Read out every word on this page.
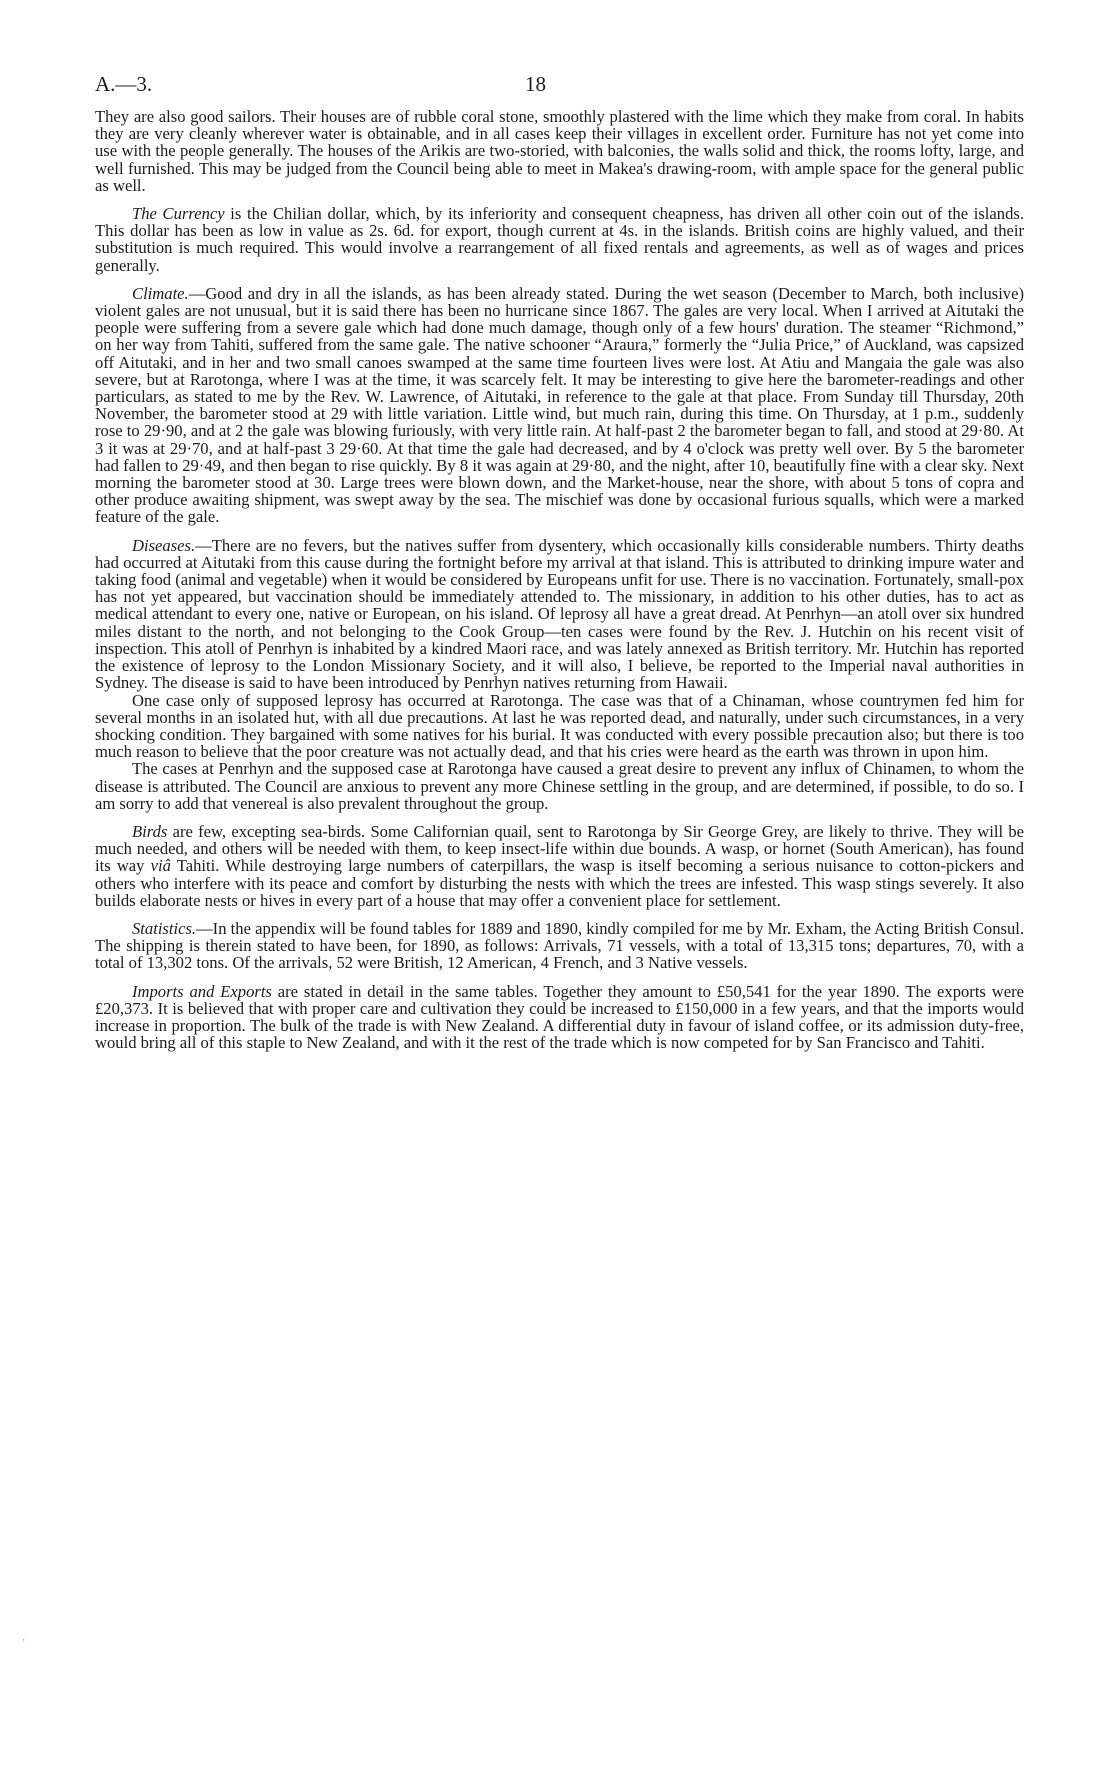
A.—3.	18

They are also good sailors. Their houses are of rubble coral stone, smoothly plastered with the lime which they make from coral. In habits they are very cleanly wherever water is obtainable, and in all cases keep their villages in excellent order. Furniture has not yet come into use with the people generally. The houses of the Arikis are two-storied, with balconies, the walls solid and thick, the rooms lofty, large, and well furnished. This may be judged from the Council being able to meet in Makea's drawing-room, with ample space for the general public as well.

The Currency is the Chilian dollar, which, by its inferiority and consequent cheapness, has driven all other coin out of the islands. This dollar has been as low in value as 2s. 6d. for export, though current at 4s. in the islands. British coins are highly valued, and their substitution is much required. This would involve a rearrangement of all fixed rentals and agreements, as well as of wages and prices generally.

Climate.—Good and dry in all the islands, as has been already stated. During the wet season (December to March, both inclusive) violent gales are not unusual, but it is said there has been no hurricane since 1867. The gales are very local. When I arrived at Aitutaki the people were suffering from a severe gale which had done much damage, though only of a few hours' duration. The steamer “Richmond,” on her way from Tahiti, suffered from the same gale. The native schooner “Araura,” formerly the “Julia Price,” of Auckland, was capsized off Aitutaki, and in her and two small canoes swamped at the same time fourteen lives were lost. At Atiu and Mangaia the gale was also severe, but at Rarotonga, where I was at the time, it was scarcely felt. It may be interesting to give here the barometer-readings and other particulars, as stated to me by the Rev. W. Lawrence, of Aitutaki, in reference to the gale at that place. From Sunday till Thursday, 20th November, the barometer stood at 29 with little variation. Little wind, but much rain, during this time. On Thursday, at 1 p.m., suddenly rose to 29·90, and at 2 the gale was blowing furiously, with very little rain. At half-past 2 the barometer began to fall, and stood at 29·80. At 3 it was at 29·70, and at half-past 3 29·60. At that time the gale had decreased, and by 4 o'clock was pretty well over. By 5 the barometer had fallen to 29·49, and then began to rise quickly. By 8 it was again at 29·80, and the night, after 10, beautifully fine with a clear sky. Next morning the barometer stood at 30. Large trees were blown down, and the Market-house, near the shore, with about 5 tons of copra and other produce awaiting shipment, was swept away by the sea. The mischief was done by occasional furious squalls, which were a marked feature of the gale.

Diseases.—There are no fevers, but the natives suffer from dysentery, which occasionally kills considerable numbers. Thirty deaths had occurred at Aitutaki from this cause during the fortnight before my arrival at that island. This is attributed to drinking impure water and taking food (animal and vegetable) when it would be considered by Europeans unfit for use. There is no vaccination. Fortunately, small-pox has not yet appeared, but vaccination should be immediately attended to. The missionary, in addition to his other duties, has to act as medical attendant to every one, native or European, on his island. Of leprosy all have a great dread. At Penrhyn—an atoll over six hundred miles distant to the north, and not belonging to the Cook Group—ten cases were found by the Rev. J. Hutchin on his recent visit of inspection. This atoll of Penrhyn is inhabited by a kindred Maori race, and was lately annexed as British territory. Mr. Hutchin has reported the existence of leprosy to the London Missionary Society, and it will also, I believe, be reported to the Imperial naval authorities in Sydney. The disease is said to have been introduced by Penrhyn natives returning from Hawaii.

One case only of supposed leprosy has occurred at Rarotonga. The case was that of a Chinaman, whose countrymen fed him for several months in an isolated hut, with all due precautions. At last he was reported dead, and naturally, under such circumstances, in a very shocking condition. They bargained with some natives for his burial. It was conducted with every possible precaution also; but there is too much reason to believe that the poor creature was not actually dead, and that his cries were heard as the earth was thrown in upon him.

The cases at Penrhyn and the supposed case at Rarotonga have caused a great desire to prevent any influx of Chinamen, to whom the disease is attributed. The Council are anxious to prevent any more Chinese settling in the group, and are determined, if possible, to do so. I am sorry to add that venereal is also prevalent throughout the group.

Birds are few, excepting sea-birds. Some Californian quail, sent to Rarotonga by Sir George Grey, are likely to thrive. They will be much needed, and others will be needed with them, to keep insect-life within due bounds. A wasp, or hornet (South American), has found its way viâ Tahiti. While destroying large numbers of caterpillars, the wasp is itself becoming a serious nuisance to cotton-pickers and others who interfere with its peace and comfort by disturbing the nests with which the trees are infested. This wasp stings severely. It also builds elaborate nests or hives in every part of a house that may offer a convenient place for settlement.

Statistics.—In the appendix will be found tables for 1889 and 1890, kindly compiled for me by Mr. Exham, the Acting British Consul. The shipping is therein stated to have been, for 1890, as follows: Arrivals, 71 vessels, with a total of 13,315 tons; departures, 70, with a total of 13,302 tons. Of the arrivals, 52 were British, 12 American, 4 French, and 3 Native vessels.

Imports and Exports are stated in detail in the same tables. Together they amount to £50,541 for the year 1890. The exports were £20,373. It is believed that with proper care and cultivation they could be increased to £150,000 in a few years, and that the imports would increase in proportion. The bulk of the trade is with New Zealand. A differential duty in favour of island coffee, or its admission duty-free, would bring all of this staple to New Zealand, and with it the rest of the trade which is now competed for by San Francisco and Tahiti.

’
